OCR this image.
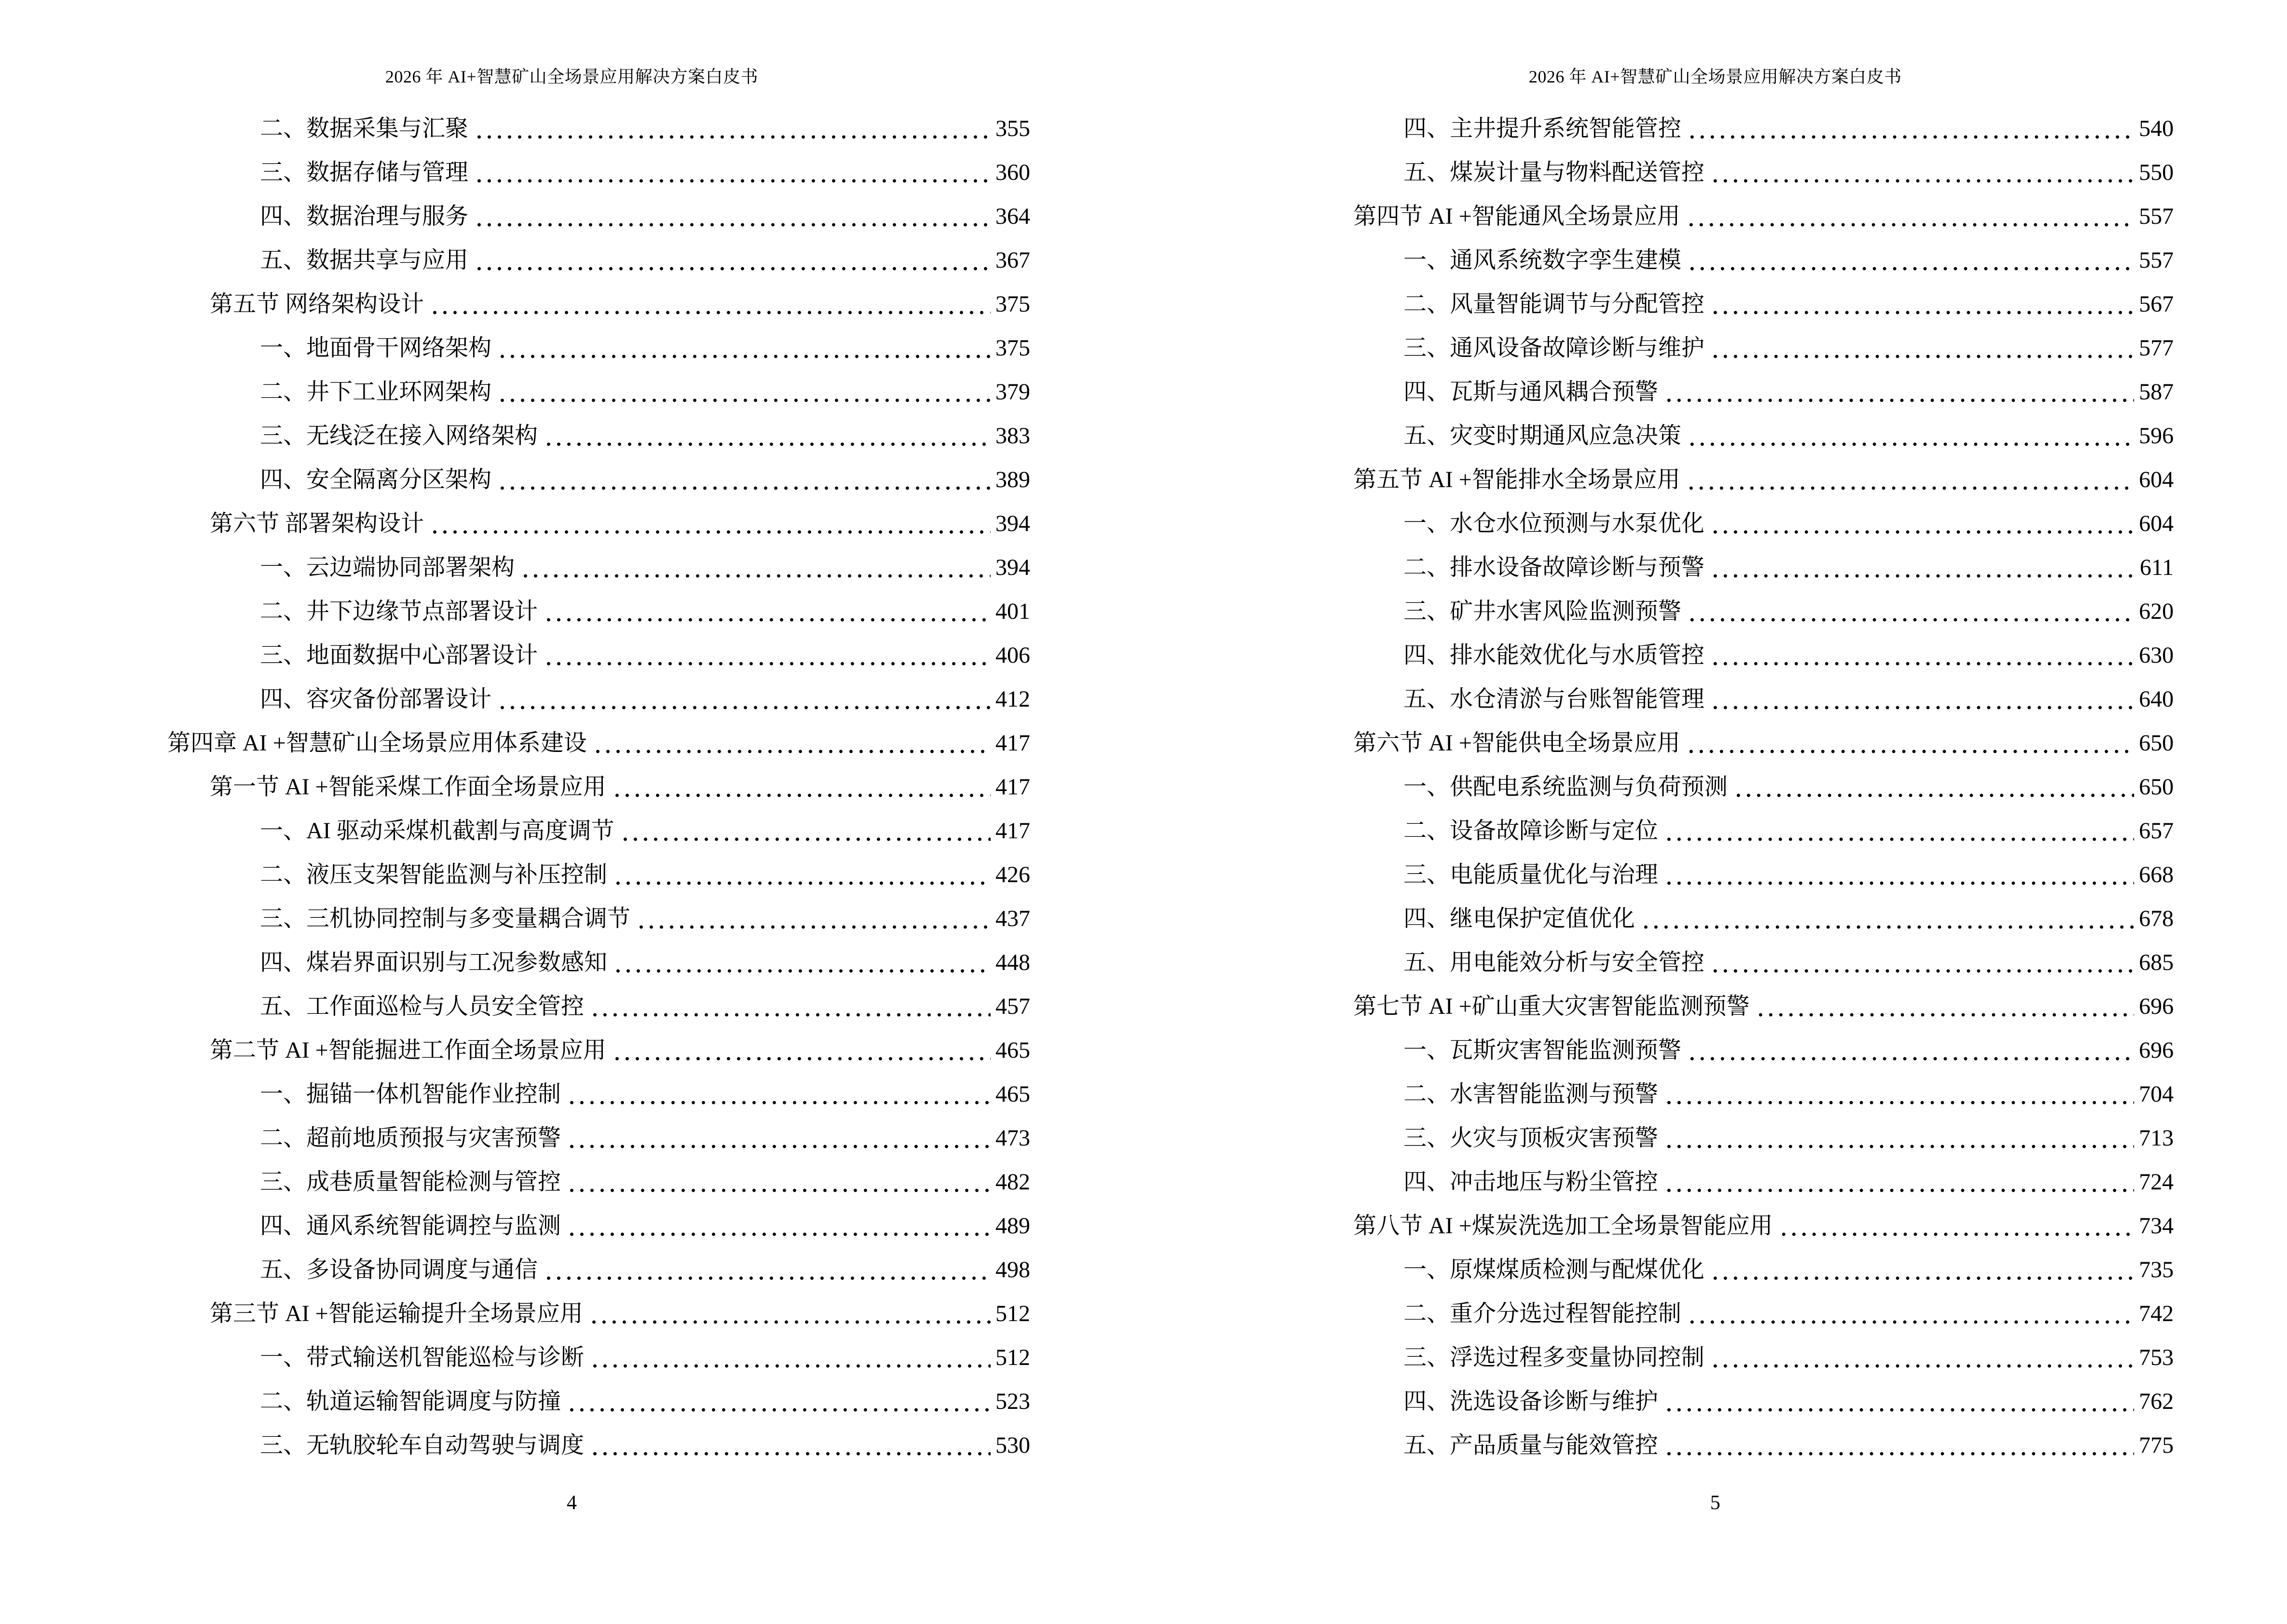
2026 年 AI+智慧矿山全场景应用解决方案白皮书
二、数据采集与汇聚	355
三、数据存储与管理	360
四、数据治理与服务	364
五、数据共享与应用	367
第五节 网络架构设计	375
一、地面骨干网络架构	375
二、井下工业环网架构	379
三、无线泛在接入网络架构	383
四、安全隔离分区架构	389
第六节 部署架构设计	394
一、云边端协同部署架构	394
二、井下边缘节点部署设计	401
三、地面数据中心部署设计	406
四、容灾备份部署设计	412
第四章 AI +智慧矿山全场景应用体系建设	417
第一节 AI +智能采煤工作面全场景应用	417
一、AI 驱动采煤机截割与高度调节	417
二、液压支架智能监测与补压控制	426
三、三机协同控制与多变量耦合调节	437
四、煤岩界面识别与工况参数感知	448
五、工作面巡检与人员安全管控	457
第二节 AI +智能掘进工作面全场景应用	465
一、掘锚一体机智能作业控制	465
二、超前地质预报与灾害预警	473
三、成巷质量智能检测与管控	482
四、通风系统智能调控与监测	489
五、多设备协同调度与通信	498
第三节 AI +智能运输提升全场景应用	512
一、带式输送机智能巡检与诊断	512
二、轨道运输智能调度与防撞	523
三、无轨胶轮车自动驾驶与调度	530
4
2026 年 AI+智慧矿山全场景应用解决方案白皮书
四、主井提升系统智能管控	540
五、煤炭计量与物料配送管控	550
第四节 AI +智能通风全场景应用	557
一、通风系统数字孪生建模	557
二、风量智能调节与分配管控	567
三、通风设备故障诊断与维护	577
四、瓦斯与通风耦合预警	587
五、灾变时期通风应急决策	596
第五节 AI +智能排水全场景应用	604
一、水仓水位预测与水泵优化	604
二、排水设备故障诊断与预警	611
三、矿井水害风险监测预警	620
四、排水能效优化与水质管控	630
五、水仓清淤与台账智能管理	640
第六节 AI +智能供电全场景应用	650
一、供配电系统监测与负荷预测	650
二、设备故障诊断与定位	657
三、电能质量优化与治理	668
四、继电保护定值优化	678
五、用电能效分析与安全管控	685
第七节 AI +矿山重大灾害智能监测预警	696
一、瓦斯灾害智能监测预警	696
二、水害智能监测与预警	704
三、火灾与顶板灾害预警	713
四、冲击地压与粉尘管控	724
第八节 AI +煤炭洗选加工全场景智能应用	734
一、原煤煤质检测与配煤优化	735
二、重介分选过程智能控制	742
三、浮选过程多变量协同控制	753
四、洗选设备诊断与维护	762
五、产品质量与能效管控	775
5
